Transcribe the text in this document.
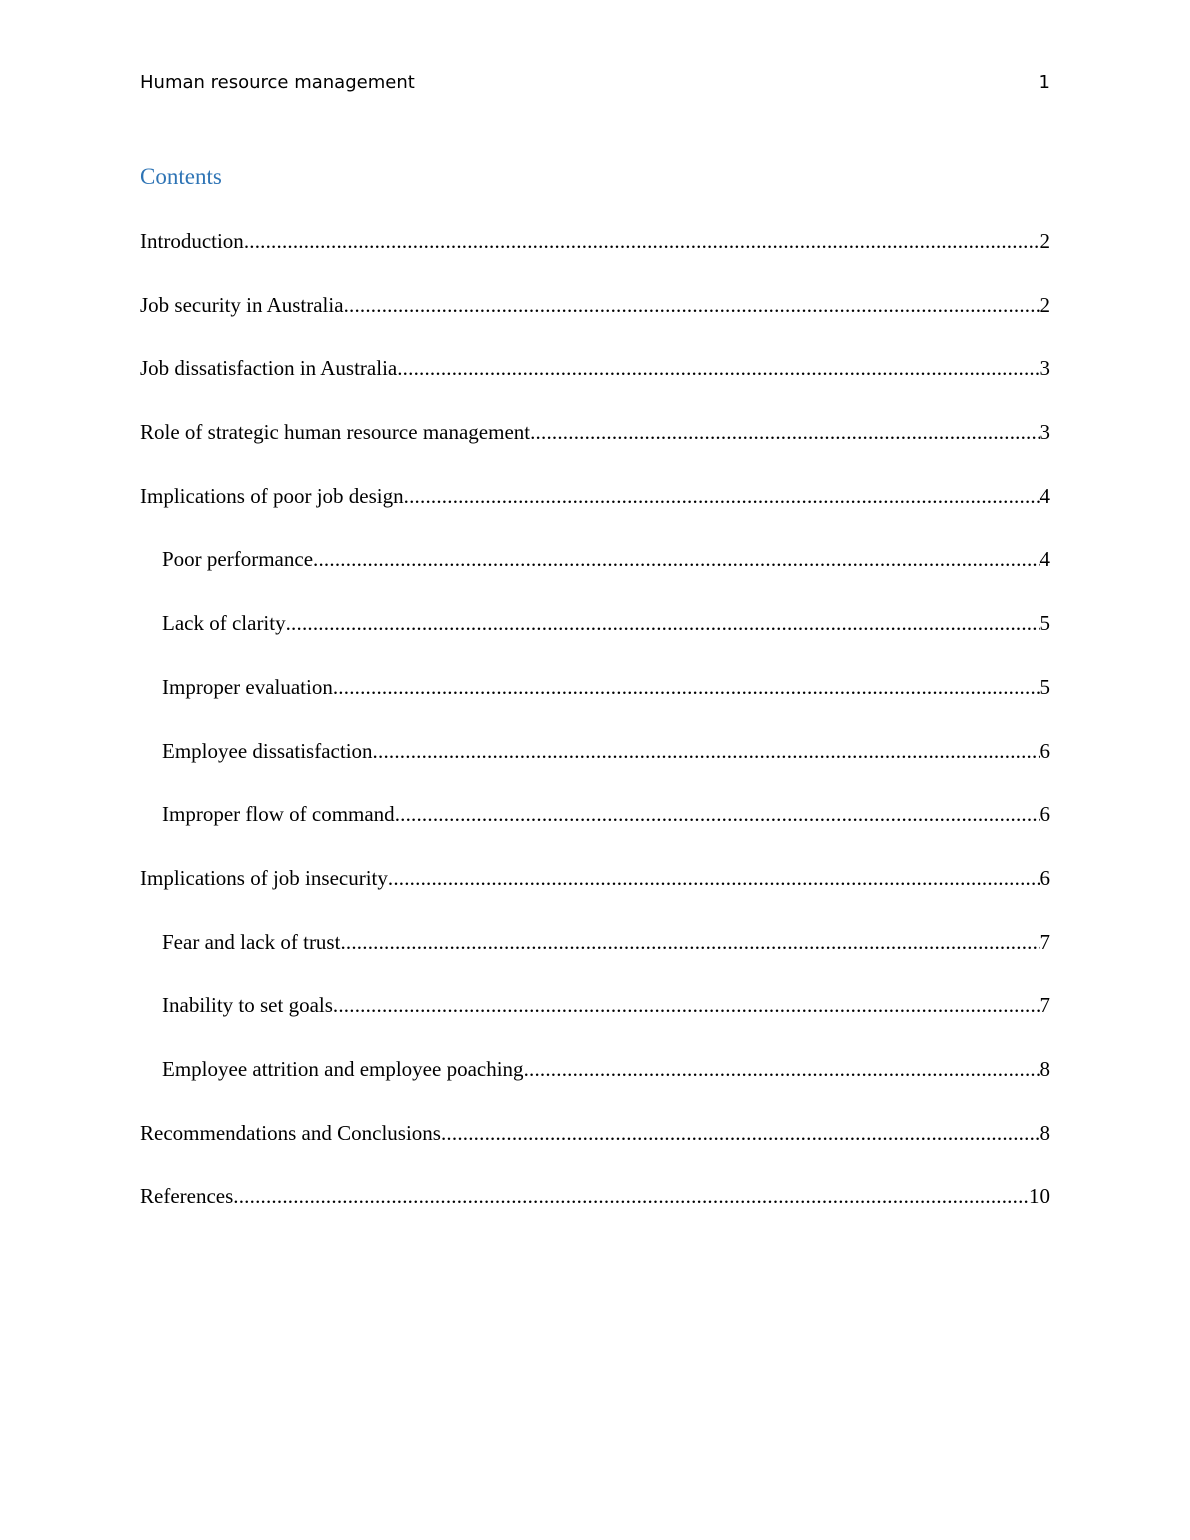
Human resource management	1
Contents
Introduction .....	2
Job security in Australia .....	2
Job dissatisfaction in Australia .....	3
Role of strategic human resource management .....	3
Implications of poor job design .....	4
Poor performance .....	4
Lack of clarity .....	5
Improper evaluation .....	5
Employee dissatisfaction .....	6
Improper flow of command .....	6
Implications of job insecurity .....	6
Fear and lack of trust .....	7
Inability to set goals .....	7
Employee attrition and employee poaching .....	8
Recommendations and Conclusions .....	8
References .....	10
